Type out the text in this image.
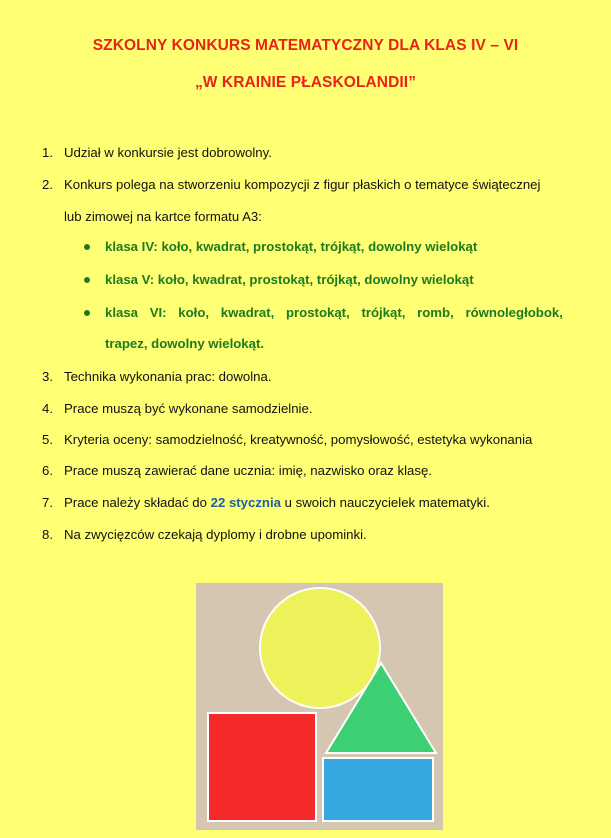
SZKOLNY KONKURS MATEMATYCZNY DLA KLAS IV – VI
„W KRAINIE PŁASKOLANDII”
1. Udział w konkursie jest dobrowolny.
2. Konkurs polega na stworzeniu kompozycji z figur płaskich o tematyce świątecznej
lub zimowej na kartce formatu A3:
klasa IV: koło, kwadrat, prostokąt, trójkąt, dowolny wielokąt
klasa V: koło, kwadrat, prostokąt, trójkąt, dowolny wielokąt
klasa VI: koło, kwadrat, prostokąt, trójkąt, romb, równoległobok,
trapez, dowolny wielokąt.
3. Technika wykonania prac: dowolna.
4. Prace muszą być wykonane samodzielnie.
5. Kryteria oceny: samodzielność, kreatywność, pomysłowość, estetyka wykonania
6. Prace muszą zawierać dane ucznia: imię, nazwisko oraz klasę.
7. Prace należy składać do 22 stycznia u swoich nauczycielek matematyki.
8. Na zwycięzców czekają dyplomy i drobne upominki.
